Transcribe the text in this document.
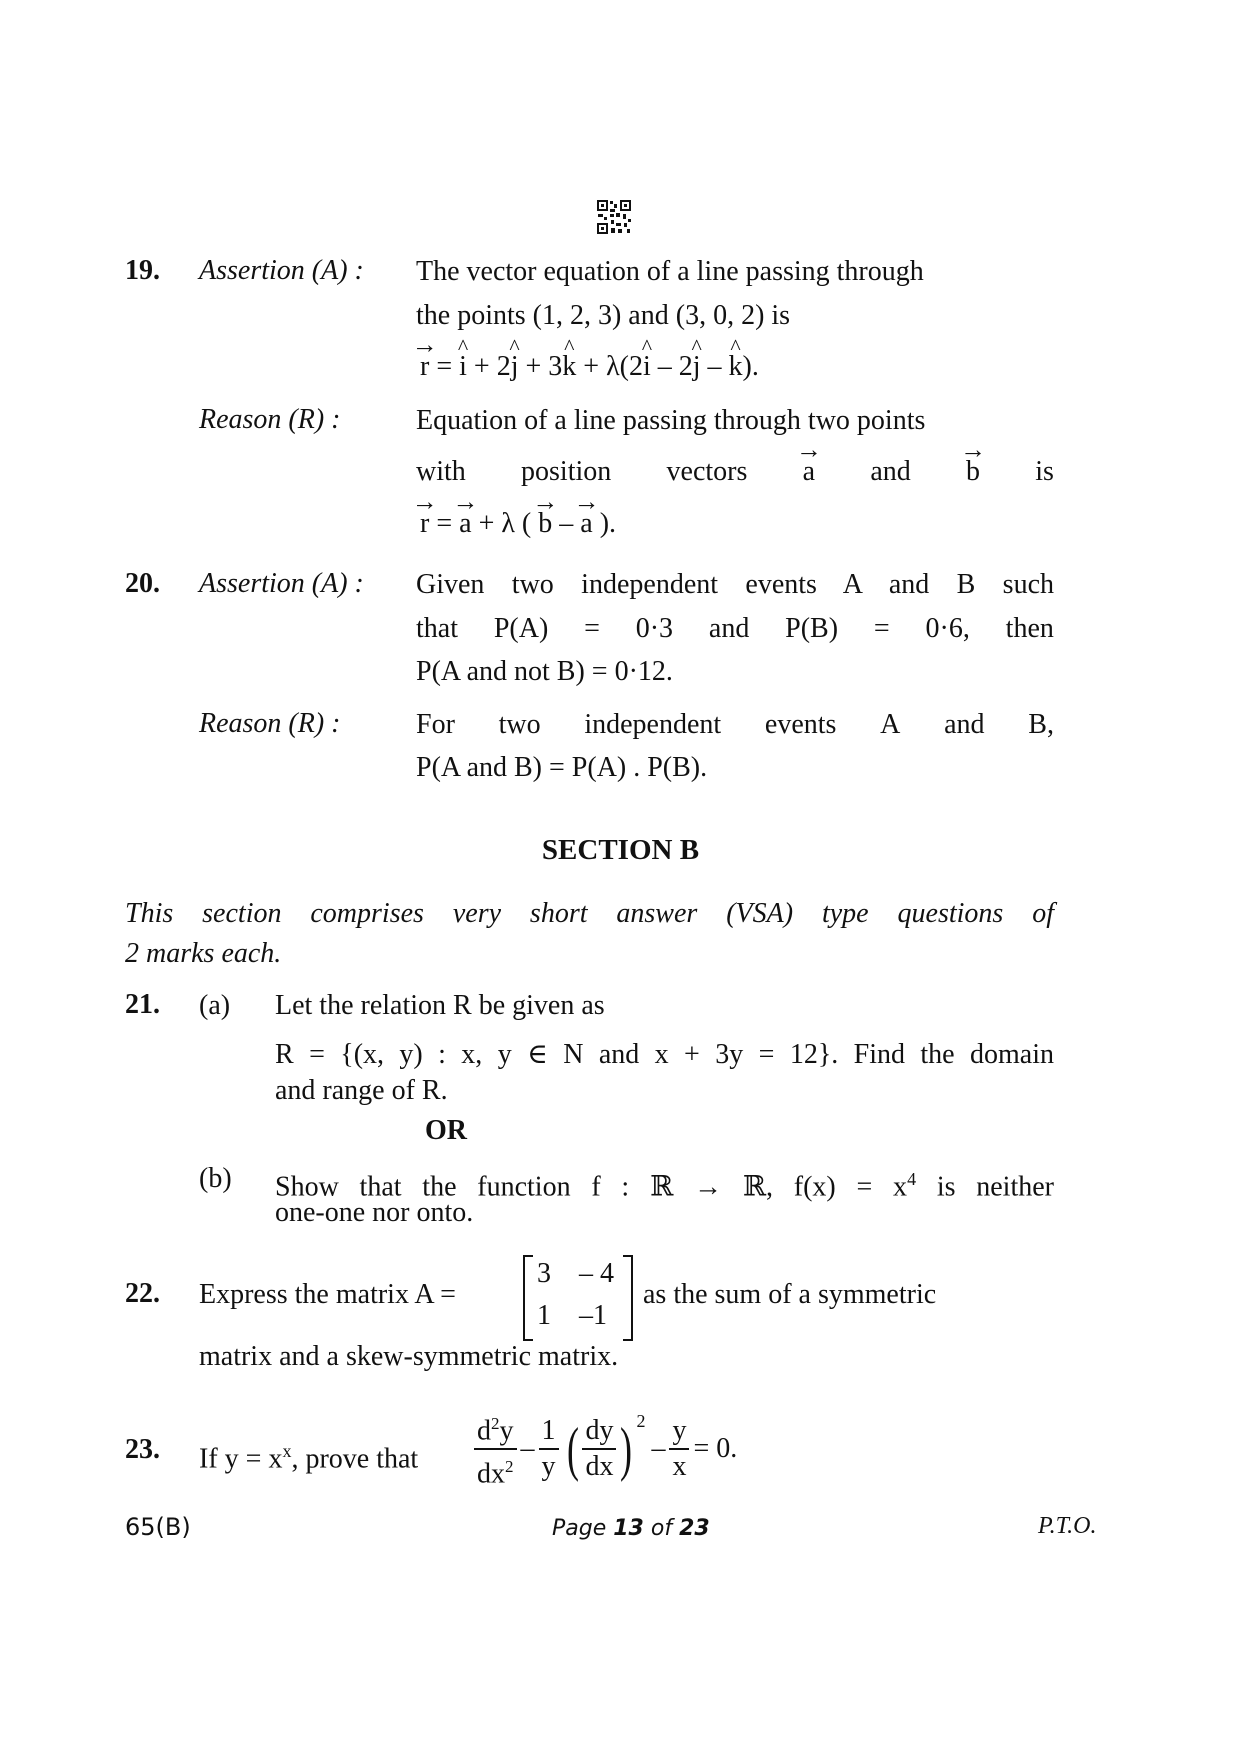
19. Assertion (A) : The vector equation of a line passing through
the points (1, 2, 3) and (3, 0, 2) is
→ r = ^ i + 2^ j + 3^ k + λ(2^ i – 2^ j – ^ k).
Reason (R) :	Equation of a line passing through two points
with position vectors → a and → b is
→ r = → a + λ ( → b – → a ).
20. Assertion (A) : Given two independent events A and B such
that P(A) = 0·3 and P(B) = 0·6, then
P(A and not B) = 0·12.
Reason (R) :	For two independent events A and B,
P(A and B) = P(A) . P(B).
SECTION B
This section comprises very short answer (VSA) type questions of
2 marks each.
21. (a) Let the relation R be given as
R = {(x, y) : x, y ∈ N and x + 3y = 12}. Find the domain
and range of R.
OR
(b) Show that the function f : ℝ → ℝ, $f(x) = x^4$ is neither
one-one nor onto.
22. Express the matrix A =
3 – 4
1 –1
as the sum of a symmetric
matrix and a skew-symmetric matrix.
23. If $y = x^x$, prove that $\frac{d^2y}{dx^2} - \frac{1}{y}$ ( $\frac{dy}{dx} )^2$
– $\frac{y}{x} = 0$.
65(B)	Page 13 of 23	P.T.O.
